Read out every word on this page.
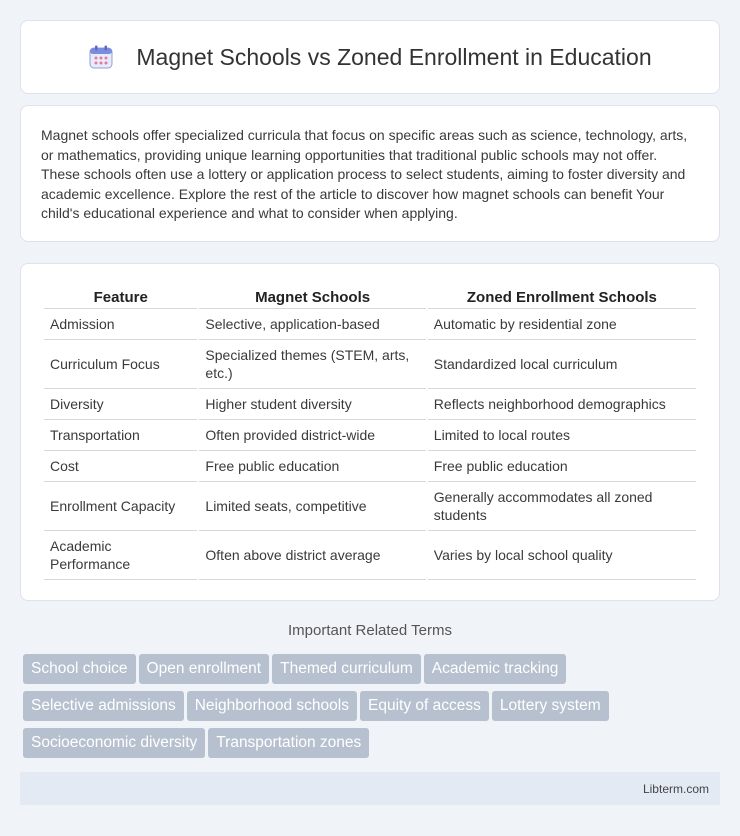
Magnet Schools vs Zoned Enrollment in Education

Magnet schools offer specialized curricula that focus on specific areas such as science, technology, arts, or mathematics, providing unique learning opportunities that traditional public schools may not offer. These schools often use a lottery or application process to select students, aiming to foster diversity and academic excellence. Explore the rest of the article to discover how magnet schools can benefit Your child's educational experience and what to consider when applying.

Feature	Magnet Schools	Zoned Enrollment Schools
Admission	Selective, application-based	Automatic by residential zone
Curriculum Focus	Specialized themes (STEM, arts, etc.)	Standardized local curriculum
Diversity	Higher student diversity	Reflects neighborhood demographics
Transportation	Often provided district-wide	Limited to local routes
Cost	Free public education	Free public education
Enrollment Capacity	Limited seats, competitive	Generally accommodates all zoned students
Academic Performance	Often above district average	Varies by local school quality
Important Related Terms
School choice Open enrollment Themed curriculum Academic tracking
Selective admissions Neighborhood schools Equity of access Lottery system
Socioeconomic diversity Transportation zones
Libterm.com
